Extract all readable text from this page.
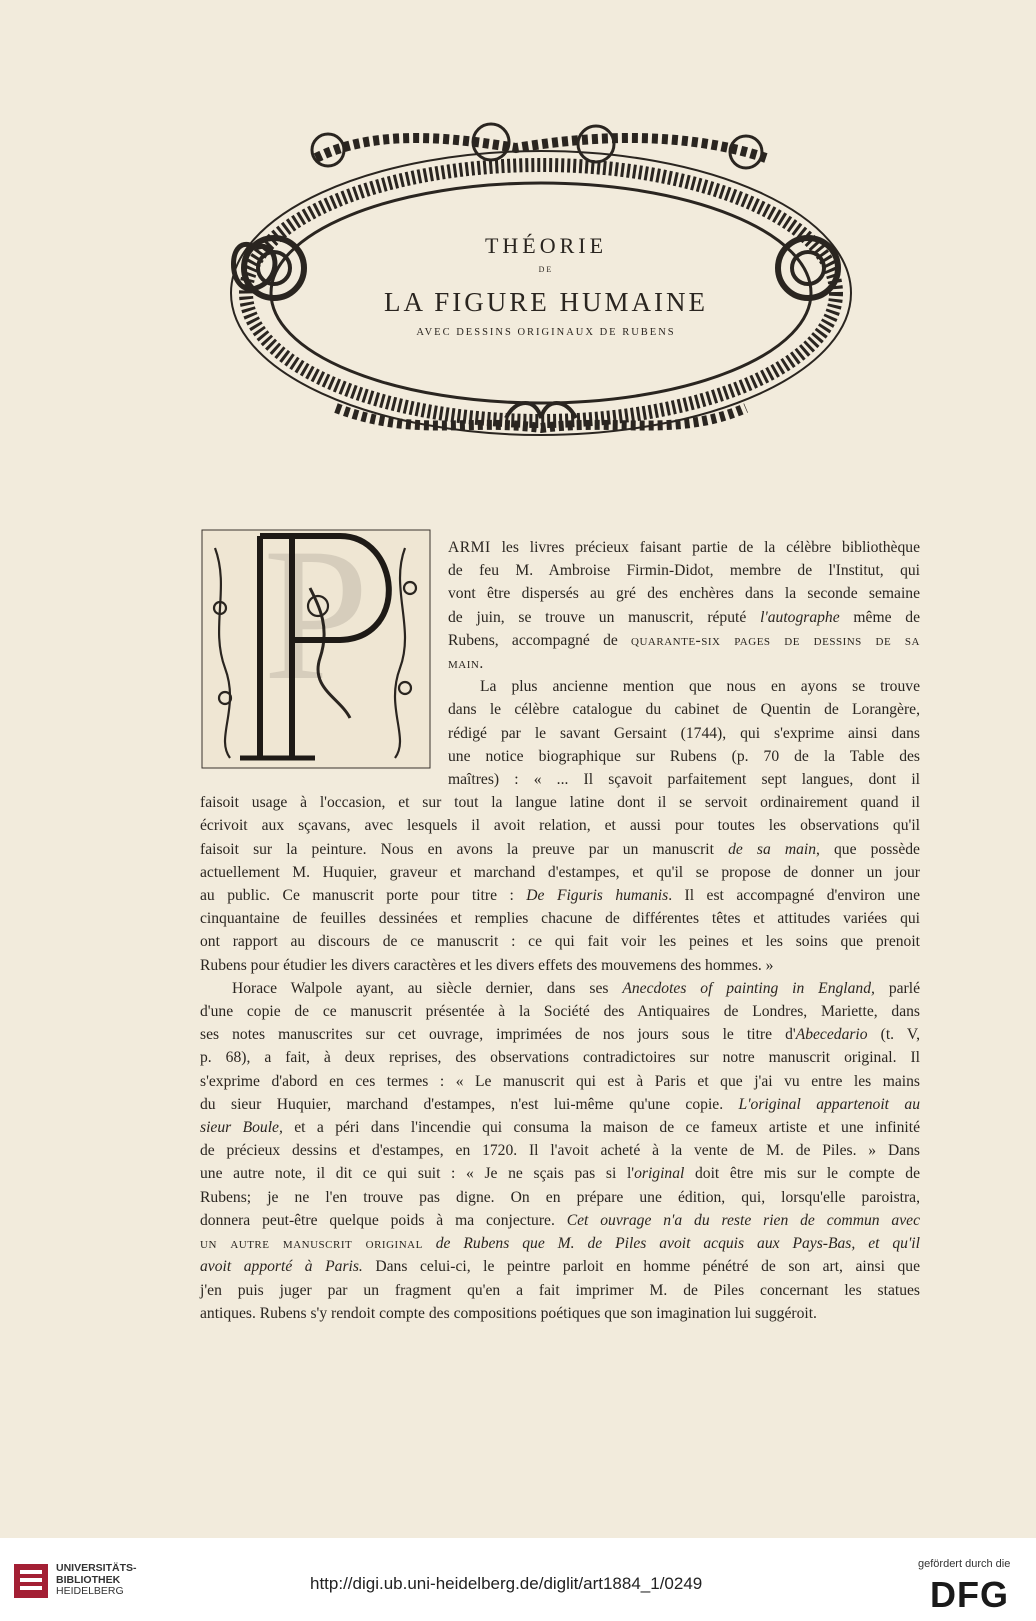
THÉORIE
DE
LA FIGURE HUMAINE
AVEC DESSINS ORIGINAUX DE RUBENS
P	ARMI les livres précieux faisant partie de la célèbre bibliothèque
de feu M. Ambroise Firmin-Didot, membre de l'Institut, qui
vont être dispersés au gré des enchères dans la seconde semaine
de juin, se trouve un manuscrit, réputé l'autographe même de
Rubens, accompagné de quarante-six pages de dessins de sa
main.
La plus ancienne mention que nous en ayons se trouve
dans le célèbre catalogue du cabinet de Quentin de Lorangère,
rédigé par le savant Gersaint (1744), qui s'exprime ainsi dans
une notice biographique sur Rubens (p. 70 de la Table des
maîtres) : « ... Il sçavoit parfaitement sept langues, dont il
faisoit usage à l'occasion, et sur tout la langue latine dont il se servoit ordinairement quand il
écrivoit aux sçavans, avec lesquels il avoit relation, et aussi pour toutes les observations qu'il
faisoit sur la peinture. Nous en avons la preuve par un manuscrit de sa main, que possède
actuellement M. Huquier, graveur et marchand d'estampes, et qu'il se propose de donner un jour
au public. Ce manuscrit porte pour titre : De Figuris humanis. Il est accompagné d'environ une
cinquantaine de feuilles dessinées et remplies chacune de différentes têtes et attitudes variées qui
ont rapport au discours de ce manuscrit : ce qui fait voir les peines et les soins que prenoit
Rubens pour étudier les divers caractères et les divers effets des mouvemens des hommes. »
Horace Walpole ayant, au siècle dernier, dans ses Anecdotes of painting in England, parlé
d'une copie de ce manuscrit présentée à la Société des Antiquaires de Londres, Mariette, dans
ses notes manuscrites sur cet ouvrage, imprimées de nos jours sous le titre d'Abecedario (t. V,
p. 68), a fait, à deux reprises, des observations contradictoires sur notre manuscrit original. Il
s'exprime d'abord en ces termes : « Le manuscrit qui est à Paris et que j'ai vu entre les mains
du sieur Huquier, marchand d'estampes, n'est lui-même qu'une copie. L'original appartenoit au
sieur Boule, et a péri dans l'incendie qui consuma la maison de ce fameux artiste et une infinité
de précieux dessins et d'estampes, en 1720. Il l'avoit acheté à la vente de M. de Piles. » Dans
une autre note, il dit ce qui suit : « Je ne sçais pas si l'original doit être mis sur le compte de
Rubens; je ne l'en trouve pas digne. On en prépare une édition, qui, lorsqu'elle paroistra,
donnera peut-être quelque poids à ma conjecture. Cet ouvrage n'a du reste rien de commun avec
un autre manuscrit original de Rubens que M. de Piles avoit acquis aux Pays-Bas, et qu'il
avoit apporté à Paris. Dans celui-ci, le peintre parloit en homme pénétré de son art, ainsi que
j'en puis juger par un fragment qu'en a fait imprimer M. de Piles concernant les statues
antiques. Rubens s'y rendoit compte des compositions poétiques que son imagination lui suggéroit.
UNIVERSITÄTS-
BIBLIOTHEK
HEIDELBERG	http://digi.ub.uni-heidelberg.de/diglit/art1884_1/0249
gefördert durch die
DFG
